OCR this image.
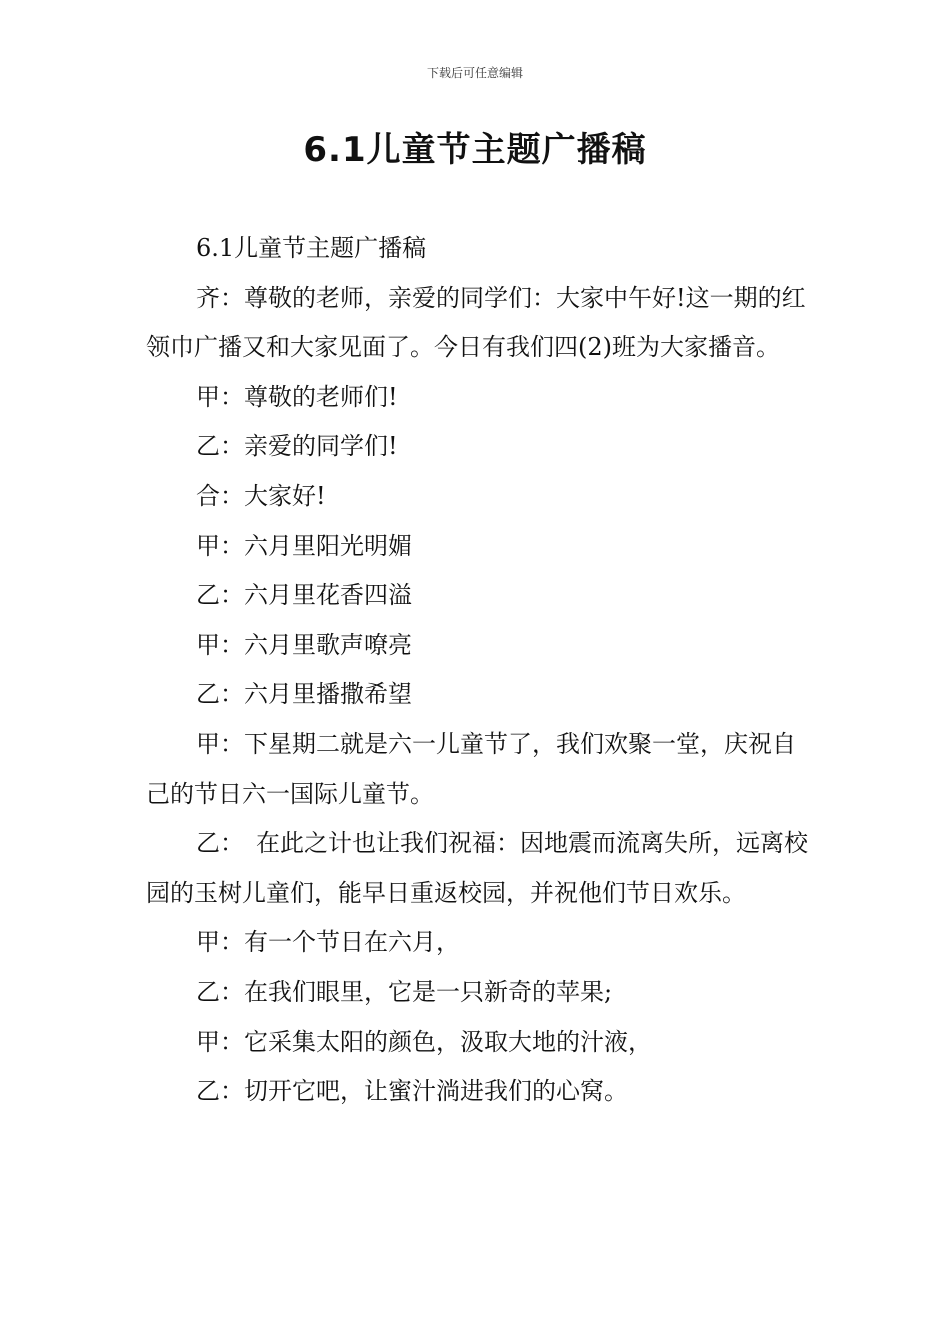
下载后可任意编辑
6.1儿童节主题广播稿

6.1儿童节主题广播稿

齐：尊敬的老师，亲爱的同学们：大家中午好!这一期的红领巾广播又和大家见面了。今日有我们四(2)班为大家播音。

甲：尊敬的老师们!

乙：亲爱的同学们!

合：大家好!

甲：六月里阳光明媚

乙：六月里花香四溢

甲：六月里歌声嘹亮

乙：六月里播撒希望

甲：下星期二就是六一儿童节了，我们欢聚一堂，庆祝自己的节日六一国际儿童节。

乙：　在此之计也让我们祝福：因地震而流离失所，远离校园的玉树儿童们，能早日重返校园，并祝他们节日欢乐。

甲：有一个节日在六月，

乙：在我们眼里，它是一只新奇的苹果;

甲：它采集太阳的颜色，汲取大地的汁液，

乙：切开它吧，让蜜汁淌进我们的心窝。
